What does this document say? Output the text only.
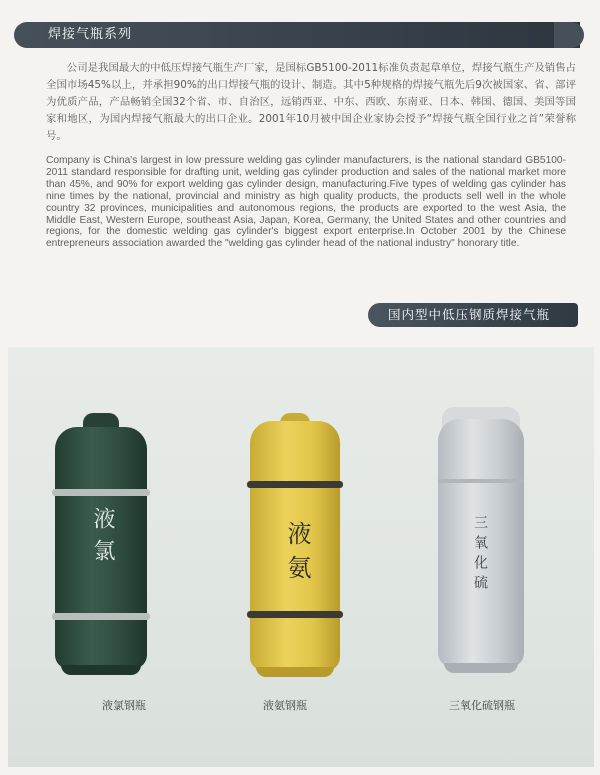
焊接气瓶系列

公司是我国最大的中低压焊接气瓶生产厂家，是国标GB5100-2011标准负责起草单位，焊接气瓶生产及销售占全国市场45%以上，并承担90%的出口焊接气瓶的设计、制造。其中5种规格的焊接气瓶先后9次被国家、省、部评为优质产品，产品畅销全国32个省、市、自治区，远销西亚、中东、西欧、东南亚、日本、韩国、德国、美国等国家和地区，为国内焊接气瓶最大的出口企业。2001年10月被中国企业家协会授予“焊接气瓶全国行业之首”荣誉称号。

Company is China's largest in low pressure welding gas cylinder manufacturers, is the national standard GB5100-2011 standard responsible for drafting unit, welding gas cylinder production and sales of the national market more than 45%, and 90% for export welding gas cylinder design, manufacturing.Five types of welding gas cylinder has nine times by the national, provincial and ministry as high quality products, the products sell well in the whole country 32 provinces, municipalities and autonomous regions, the products are exported to the west Asia, the Middle East, Western Europe, southeast Asia, Japan, Korea, Germany, the United States and other countries and regions, for the domestic welding gas cylinder's biggest export enterprise.In October 2001 by the Chinese entrepreneurs association awarded the "welding gas cylinder head of the national industry" honorary title.

国内型中低压钢质焊接气瓶
液氯	液氨	三氧化硫
液氯钢瓶	液氨钢瓶	三氧化硫钢瓶
